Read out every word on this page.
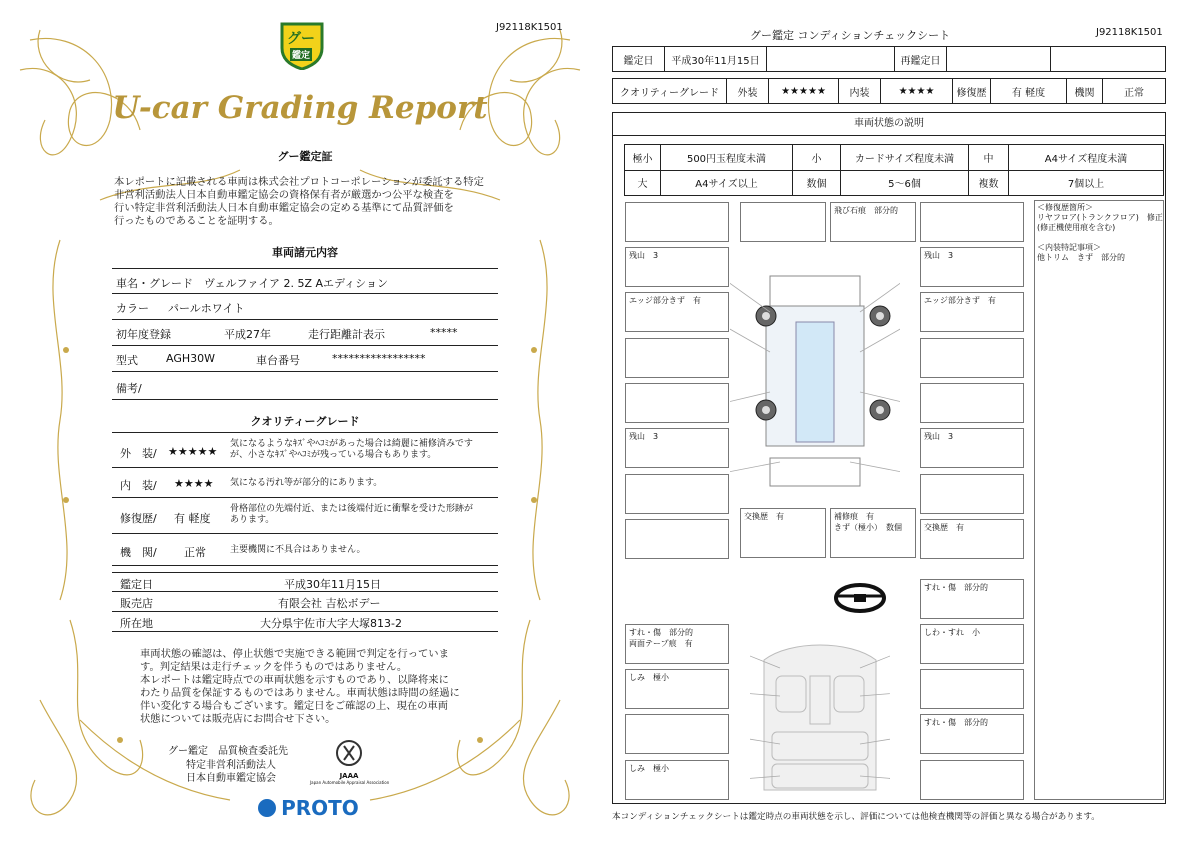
J92118K1501
グー
鑑定
U-car Grading Report
グー鑑定証
本レポートに記載される車両は株式会社プロトコーポレーションが委託する特定
非営利活動法人日本自動車鑑定協会の資格保有者が厳選かつ公平な検査を
行い特定非営利活動法人日本自動車鑑定協会の定める基準にて品質評価を
行ったものであることを証明する。
車両諸元内容
車名・グレード ヴェルファイア 2. 5Z Aエディション
カラー パールホワイト
初年度登録	平成27年	走行距離計表示	*****
型式	AGH30W	車台番号	*****************
備考/
クオリティーグレード
外　装/ ★★★★★
気になるようなｷｽﾞやﾍｺﾐがあった場合は綺麗に補修済みです
が、小さなｷｽﾞやﾍｺﾐが残っている場合もあります。
内　装/ ★★★★ 気になる汚れ等が部分的にあります。
修復歴/ 有 軽度
骨格部位の先端付近、または後端付近に衝撃を受けた形跡が
あります。
機　関/ 正常	主要機関に不具合はありません。
鑑定日	平成30年11月15日
販売店	有限会社 吉松ボデー
所在地	大分県宇佐市大字大塚813-2
車両状態の確認は、停止状態で実施できる範囲で判定を行っていま
す。判定結果は走行チェックを伴うものではありません。
本レポートは鑑定時点での車両状態を示すものであり、以降将来に
わたり品質を保証するものではありません。車両状態は時間の経過に
伴い変化する場合もございます。鑑定日をご確認の上、現在の車両
状態については販売店にお問合せ下さい。
グー鑑定　品質検査委託先
特定非営利活動法人
日本自動車鑑定協会	JAAA
Japan Automobile Appraisal Association
PROTO
グー鑑定 コンディションチェックシート	J92118K1501
鑑定日	平成30年11月15日		再鑑定日		
クオリティーグレード	外装	★★★★★	内装	★★★★	修復歴	有 軽度	機関	正常
車両状態の説明
極小	500円玉程度未満	小	カードサイズ程度未満	中	A4サイズ程度未満
大	A4サイズ以上	数個	5～6個	複数	7個以上
＜修復歴箇所＞
リヤフロア(トランクフロア)　修正
(修正機使用痕を含む)

＜内装特記事項＞
他トリム　きず　部分的
残山　3
エッジ部分きず　有
残山　3
飛び石痕　部分的
残山　3
エッジ部分きず　有
残山　3
交換歴　有
交換歴　有	補修痕　有
きず（極小）　数個
すれ・傷　部分的
すれ・傷　部分的
両面テープ痕　有
しわ・すれ　小
しみ　極小
すれ・傷　部分的
しみ　極小
本コンディションチェックシートは鑑定時点の車両状態を示し、評価については他検査機関等の評価と異なる場合があります。
